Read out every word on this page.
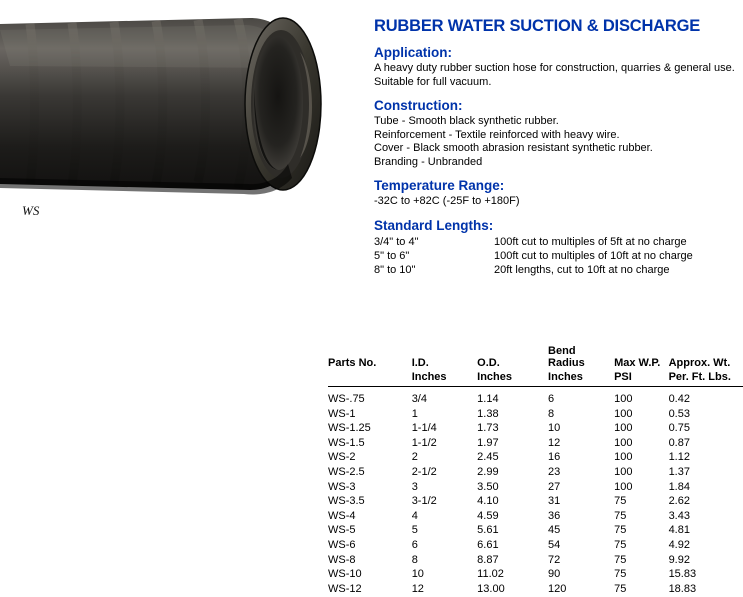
WS
RUBBER WATER SUCTION & DISCHARGE
Application:
A heavy duty rubber suction hose for construction, quarries & general use.
Suitable for full vacuum.
Construction:
Tube - Smooth black synthetic rubber.
Reinforcement - Textile reinforced with heavy wire.
Cover - Black smooth abrasion resistant synthetic rubber.
Branding - Unbranded
Temperature Range:
-32C to +82C (-25F to +180F)
Standard Lengths:
3/4" to 4"	100ft cut to multiples of 5ft at no charge
5" to 6"	100ft cut to multiples of 10ft at no charge
8" to 10"	20ft lengths, cut to 10ft at no charge
Parts No.	I.D.	O.D.	Bend Radius	Max W.P.	Approx. Wt.
	Inches	Inches	Inches	PSI	Per. Ft. Lbs.
WS-.75	3/4	1.14	6	100	0.42
WS-1	1	1.38	8	100	0.53
WS-1.25	1-1/4	1.73	10	100	0.75
WS-1.5	1-1/2	1.97	12	100	0.87
WS-2	2	2.45	16	100	1.12
WS-2.5	2-1/2	2.99	23	100	1.37
WS-3	3	3.50	27	100	1.84
WS-3.5	3-1/2	4.10	31	75	2.62
WS-4	4	4.59	36	75	3.43
WS-5	5	5.61	45	75	4.81
WS-6	6	6.61	54	75	4.92
WS-8	8	8.87	72	75	9.92
WS-10	10	11.02	90	75	15.83
WS-12	12	13.00	120	75	18.83
